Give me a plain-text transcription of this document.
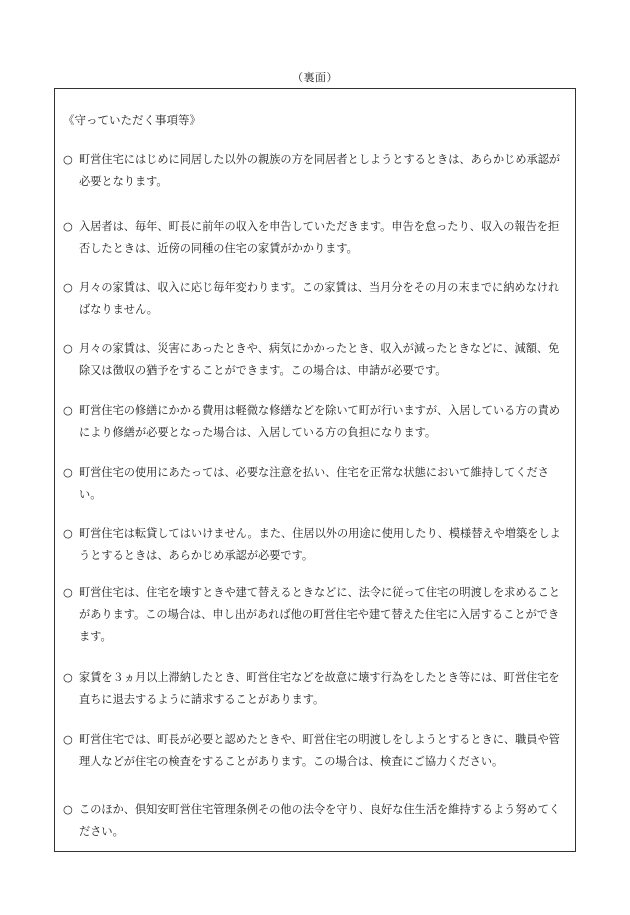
（裏面）
《守っていただく事項等》
○ 町営住宅にはじめに同居した以外の親族の方を同居者としようとするときは、あらかじめ承認が必要となります。
○ 入居者は、毎年、町長に前年の収入を申告していただきます。申告を怠ったり、収入の報告を拒否したときは、近傍の同種の住宅の家賃がかかります。
○ 月々の家賃は、収入に応じ毎年変わります。この家賃は、当月分をその月の末までに納めなければなりません。
○ 月々の家賃は、災害にあったときや、病気にかかったとき、収入が減ったときなどに、減額、免除又は徴収の猶予をすることができます。この場合は、申請が必要です。
○ 町営住宅の修繕にかかる費用は軽微な修繕などを除いて町が行いますが、入居している方の責めにより修繕が必要となった場合は、入居している方の負担になります。
○ 町営住宅の使用にあたっては、必要な注意を払い、住宅を正常な状態において維持してください。
○ 町営住宅は転貸してはいけません。また、住居以外の用途に使用したり、模様替えや増築をしようとするときは、あらかじめ承認が必要です。
○ 町営住宅は、住宅を壊すときや建て替えるときなどに、法令に従って住宅の明渡しを求めることがあります。この場合は、申し出があれば他の町営住宅や建て替えた住宅に入居することができます。
○ 家賃を３ヵ月以上滞納したとき、町営住宅などを故意に壊す行為をしたとき等には、町営住宅を直ちに退去するように請求することがあります。
○ 町営住宅では、町長が必要と認めたときや、町営住宅の明渡しをしようとするときに、職員や管理人などが住宅の検査をすることがあります。この場合は、検査にご協力ください。
○ このほか、倶知安町営住宅管理条例その他の法令を守り、良好な住生活を維持するよう努めてください。
